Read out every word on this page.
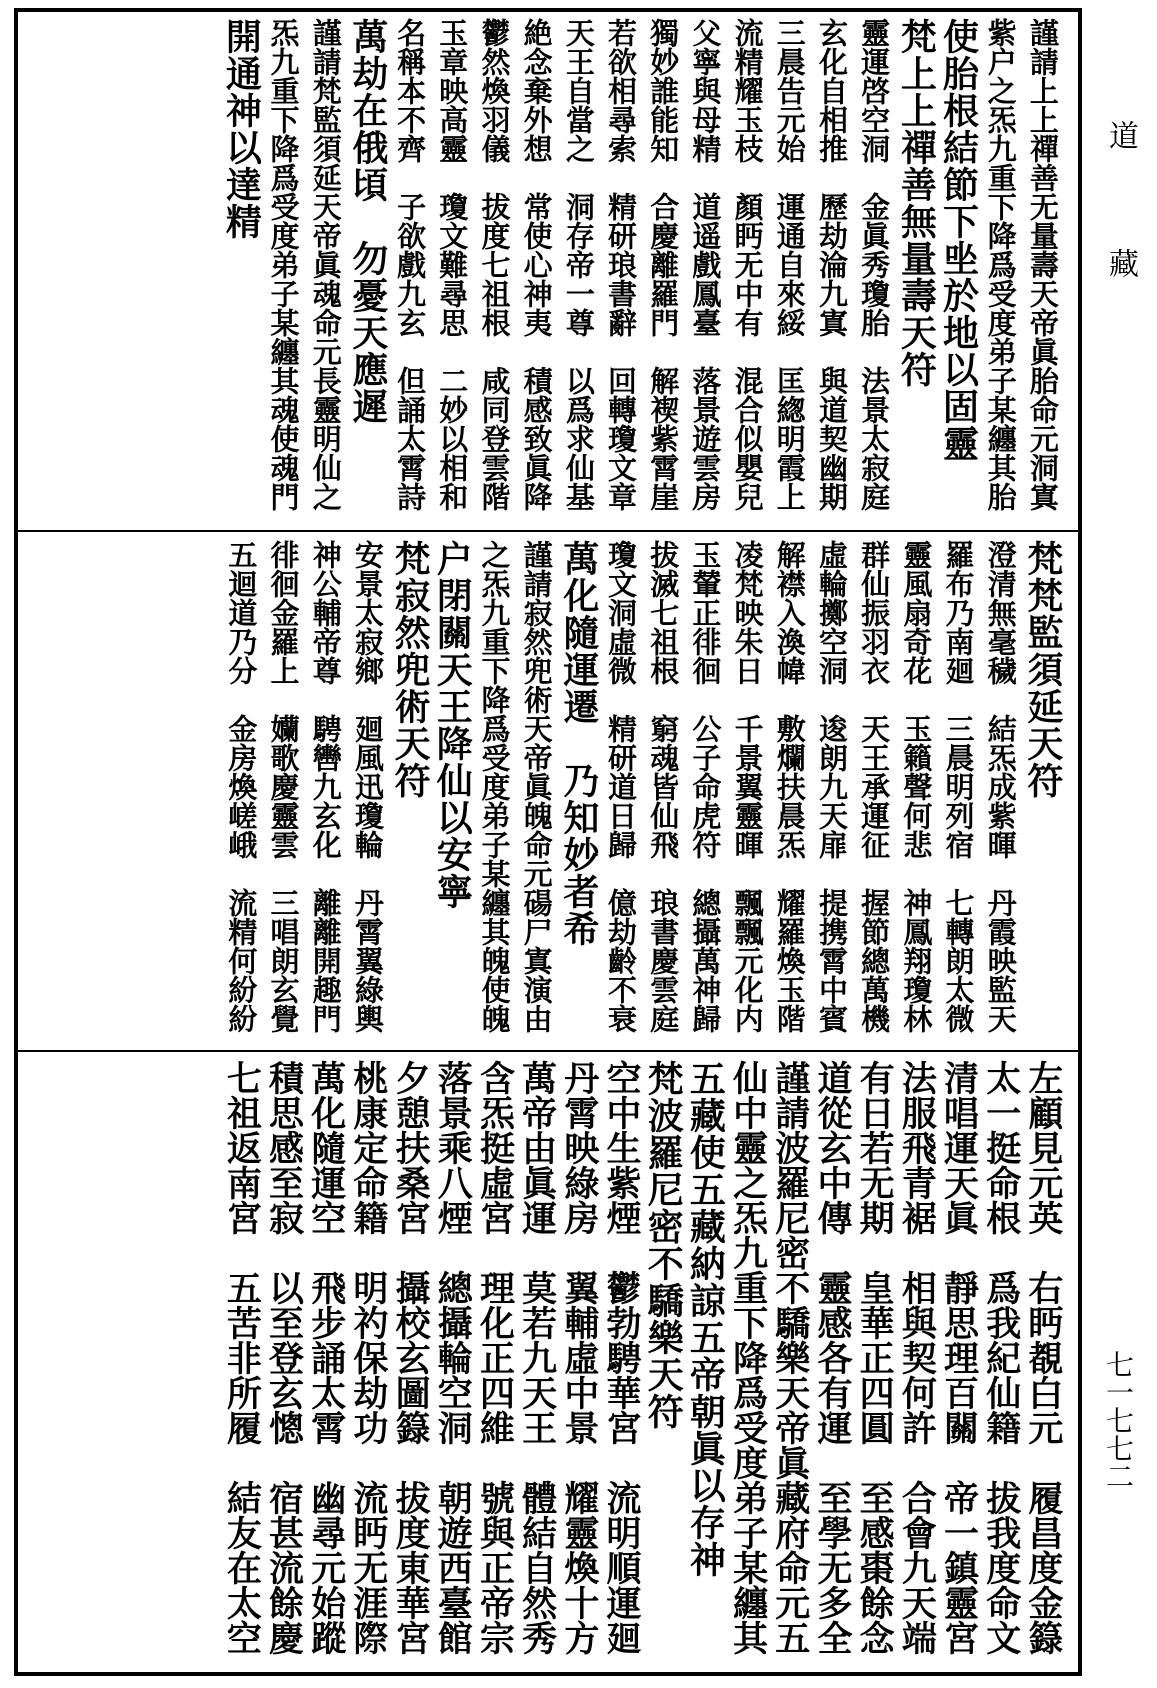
謹請上上禪善无量壽天帝眞胎命元洞寘
紫户之炁九重下降爲受度弟子某纏其胎
使胎根結節下㘴於地以固靈
梵上上禪善無量壽天符
靈運啓空洞　金眞秀瓊胎　法景太寂庭
玄化自相推　歷劫淪九寘　與道契幽期
三晨告元始　運通自來綏　匡緫明霞上
流精耀玉枝　顏眄无中有　混合似嬰兒
父寧與母精　道遥戲鳳臺　落景遊雲房
獨妙誰能知　合慶離羅門　解褉紫霄崖
若欲相尋索　精研琅書辭　回轉瓊文章
天王自當之　洞存帝一尊　以爲求仙基
絶念棄外想　常使心神夷　積感致眞降
鬱然煥羽儀　拔度七祖根　咸同登雲階
玉章映高靈　瓊文難尋思　二妙以相和
名稱本不齊　子欲戲九玄　但誦太霄詩
萬劫在俄頃　勿憂天應遲
謹請梵監須延天帝眞魂命元長靈明仙之
炁九重下降爲受度弟子某纏其魂使魂門
開通神以達精
梵梵監須延天符
澄清無毫穢　結炁成紫暉　丹霞映監天
羅布乃南廻　三晨明列宿　七轉朗太微
靈風扇奇花　玉籟聲何悲　神鳳翔瓊林
群仙振羽衣　天王承運征　握節總萬機
虛輪擲空洞　逡朗九天扉　提携霄中賓
解襟入渙幃　敷爛扶晨炁　耀羅煥玉階
凌梵映朱日　千景翼靈暉　飄飄元化内
玉輦正徘徊　公子命虎符　總攝萬神歸
拔滅七祖根　窮魂皆仙飛　琅書慶雲庭
瓊文洞虛微　精研道日歸　億劫齡不衰
萬化隨運遷　乃知妙者希
謹請寂然兜術天帝眞魄命元碭尸寘演由
之炁九重下降爲受度弟子某纏其魄使魄
户閉關天王降仙以安寧
梵寂然兜術天符
安景太寂鄉　廻風迅瓊輪　丹霄翼綠輿
神公輔帝尊　騁轡九玄化　離離開趣門
徘徊金羅上　孏歌慶靈雲　三唱朗玄覺
五迴道乃分　金房煥嵯峨　流精何紛紛
左顧見元英　右眄覩白元　履昌度金籙
太一挺命根　爲我紀仙籍　拔我度命文
清唱運天眞　靜思理百關　帝一鎮靈宮
法服飛青裾　相與契何許　合會九天端
有日若无期　皇華正四圓　至感棗餘念
道從玄中傳　靈感各有運　至學无多全
謹請波羅尼密不驕樂天帝眞藏府命元五
仙中靈之炁九重下降爲受度弟子某纏其
五藏使五藏納諒五帝朝眞以存神
梵波羅尼密不驕樂天符
空中生紫煙　鬱勃騁華宮　流明順運廻
丹霄映綠房　翼輔虛中景　耀靈煥十方
萬帝由眞運　莫若九天王　體結自然秀
含炁挺虛宮　理化正四維　號與正帝宗
落景乘八煙　總攝輪空洞　朝遊西臺館
夕憩扶桑宮　攝校玄圖籙　拔度東華宮
桃康定命籍　明礿保劫功　流眄无涯際
萬化隨運空　飛步誦太霄　幽尋元始蹤
積思感至寂　以至登玄憁　宿甚流餘慶
七祖返南宮　五苦非所履　結友在太空
道
藏
七一七七二
